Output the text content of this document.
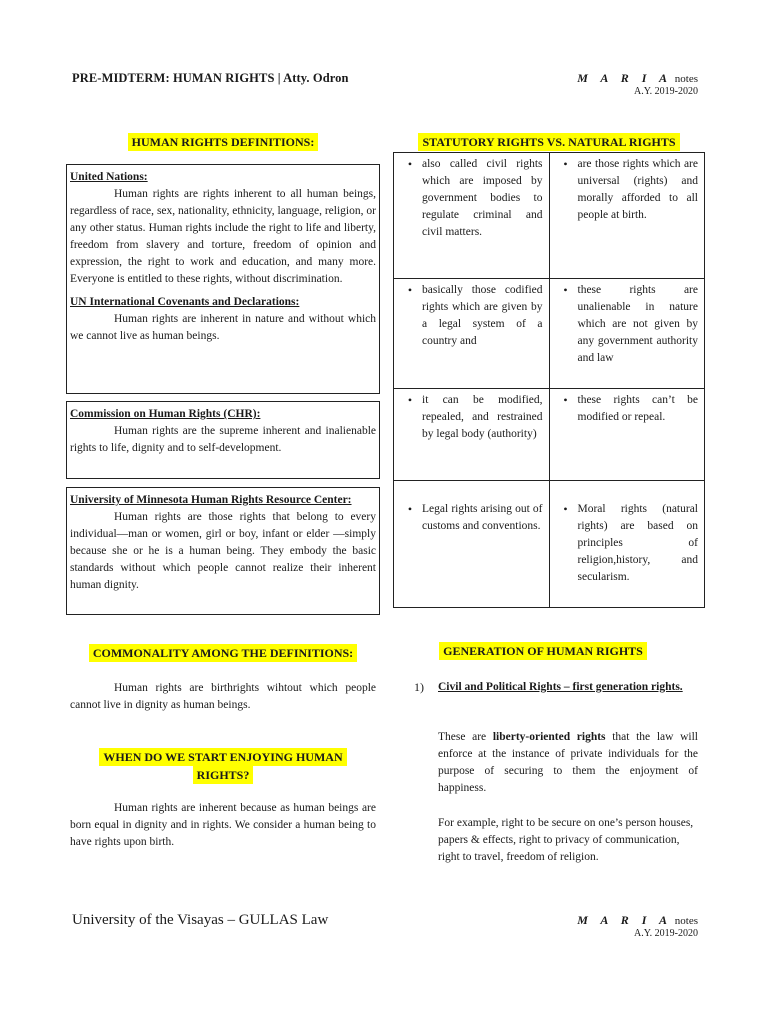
PRE-MIDTERM: HUMAN RIGHTS | Atty. Odron	M A R I A notes
A.Y. 2019-2020
HUMAN RIGHTS DEFINITIONS:
United Nations:

Human rights are rights inherent to all human beings, regardless of race, sex, nationality, ethnicity, language, religion, or any other status. Human rights include the right to life and liberty, freedom from slavery and torture, freedom of opinion and expression, the right to work and education, and many more. Everyone is entitled to these rights, without discrimination.

UN International Covenants and Declarations:

Human rights are inherent in nature and without which we cannot live as human beings.

Commission on Human Rights (CHR):

Human rights are the supreme inherent and inalienable rights to life, dignity and to self-development.

University of Minnesota Human Rights Resource Center:

Human rights are those rights that belong to every individual—man or women, girl or boy, infant or elder —simply because she or he is a human being. They embody the basic standards without which people cannot realize their inherent human dignity.

STATUTORY RIGHTS VS. NATURAL RIGHTS
• also called civil rights which are imposed by government bodies to regulate criminal and civil matters.	• are those rights which are universal (rights) and morally afforded to all people at birth.

• basically those codified rights which are given by a legal system of a country and	• these rights are unalienable in nature which are not given by any government authority and law

• it can be modified, repealed, and restrained by legal body (authority)	• these rights can’t be modified or repeal.

• Legal rights arising out of customs and conventions.	• Moral rights (natural rights) are based on principles of religion,history, and secularism.
COMMONALITY AMONG THE DEFINITIONS:

Human rights are birthrights wihtout which people cannot live in dignity as human beings.

WHEN DO WE START ENJOYING HUMAN
RIGHTS?

Human rights are inherent because as human beings are born equal in dignity and in rights. We consider a human being to have rights upon birth.

GENERATION OF HUMAN RIGHTS
1) Civil and Political Rights – first generation rights.

These are liberty-oriented rights that the law will enforce at the instance of private individuals for the purpose of securing to them the enjoyment of happiness.

For example, right to be secure on one’s person houses, papers & effects, right to privacy of communication, right to travel, freedom of religion.

University of the Visayas – GULLAS Law	M A R I A notes
A.Y. 2019-2020
